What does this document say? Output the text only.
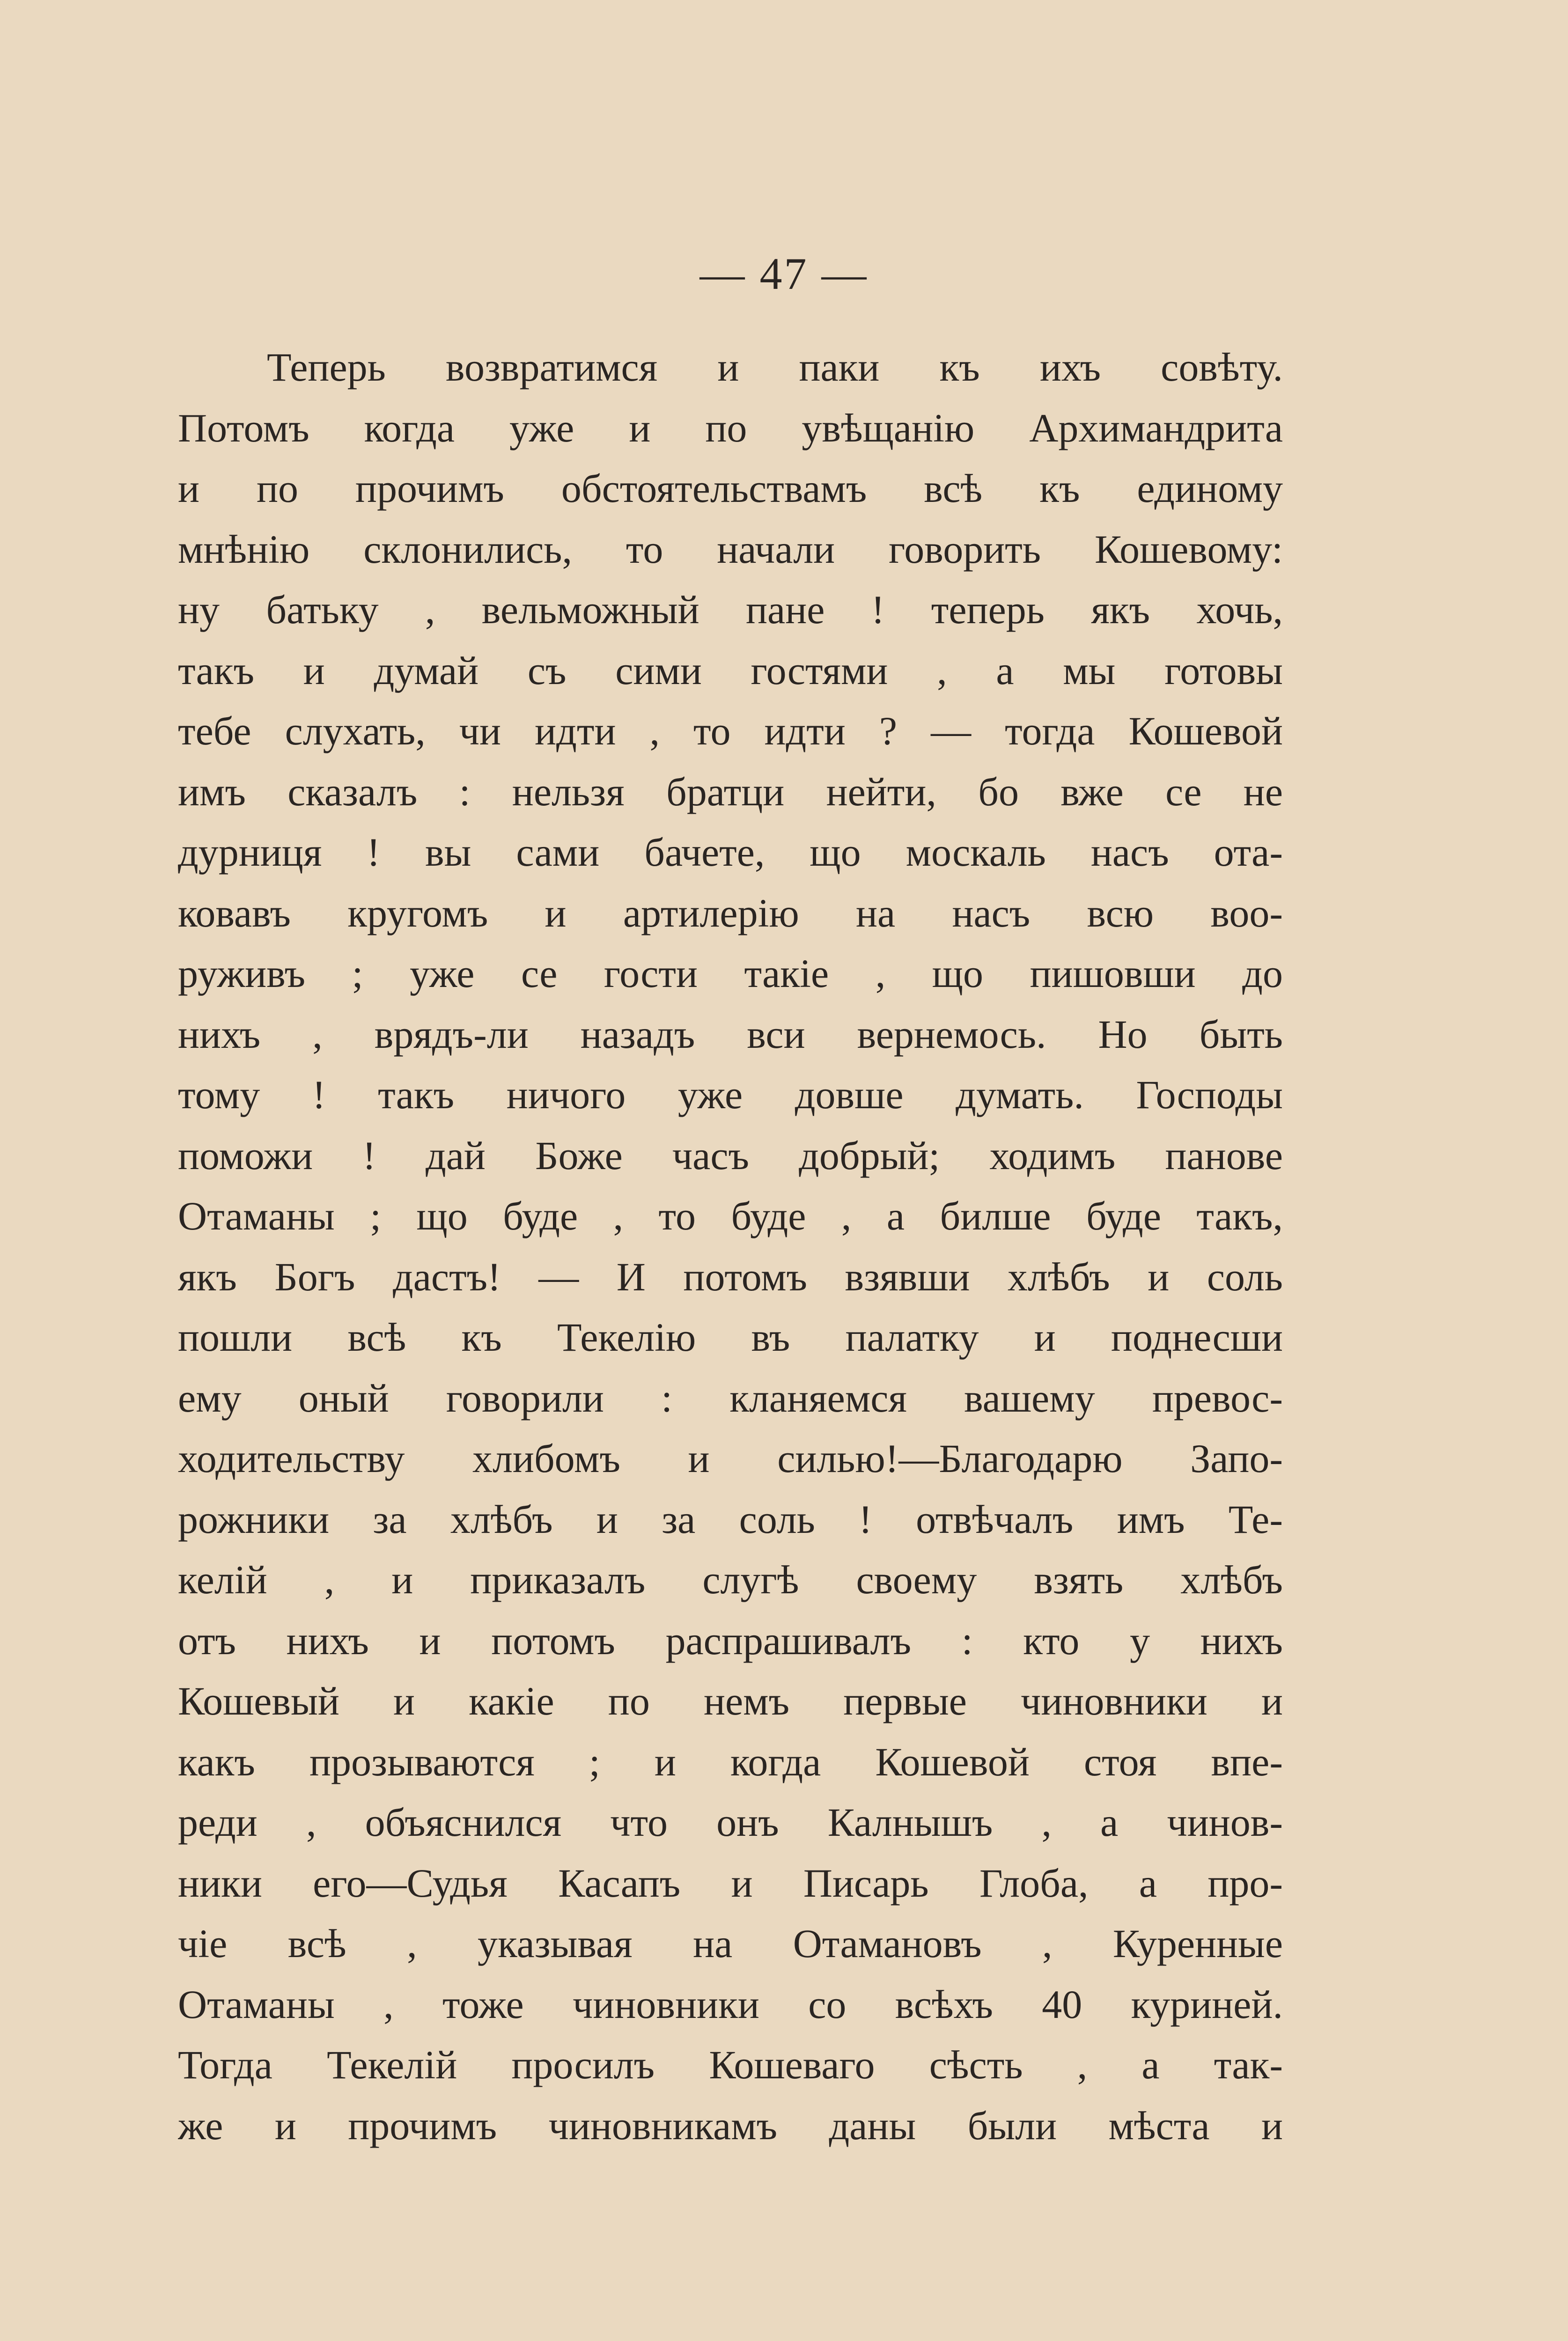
— 47 —
Теперь возвратимся и паки къ ихъ совѣту.
Потомъ когда уже и по увѣщанію Архимандрита
и по прочимъ обстоятельствамъ всѣ къ единому
мнѣнію склонились, то начали говорить Кошевому:
ну батьку , вельможный пане ! теперь якъ хочь,
такъ и думай съ сими гостями , а мы готовы
тебе слухать, чи идти , то идти ? — тогда Кошевой
имъ сказалъ : нельзя братци нейти, бо вже се не
дурниця ! вы сами бачете, що москаль насъ ота-
ковавъ кругомъ и артилерію на насъ всю воо-
руживъ ; уже се гости такіе , що пишовши до
нихъ , врядъ-ли назадъ вси вернемось. Но быть
тому ! такъ ничого уже довше думать. Господы
поможи ! дай Боже часъ добрый; ходимъ панове
Отаманы ; що буде , то буде , а билше буде такъ,
якъ Богъ дастъ! — И потомъ взявши хлѣбъ и соль
пошли всѣ къ Текелію въ палатку и поднесши
ему оный говорили : кланяемся вашему превос-
ходительству хлибомъ и силью!—Благодарю Запо-
рожники за хлѣбъ и за соль ! отвѣчалъ имъ Те-
келій , и приказалъ слугѣ своему взять хлѣбъ
отъ нихъ и потомъ распрашивалъ : кто у нихъ
Кошевый и какіе по немъ первые чиновники и
какъ прозываются ; и когда Кошевой стоя впе-
реди , объяснился что онъ Калнышъ , а чинов-
ники его—Судья Касапъ и Писарь Глоба, а про-
чіе всѣ , указывая на Отамановъ , Куренные
Отаманы , тоже чиновники со всѣхъ 40 куриней.
Тогда Текелій просилъ Кошеваго сѣсть , а так-
же и прочимъ чиновникамъ даны были мѣста и
